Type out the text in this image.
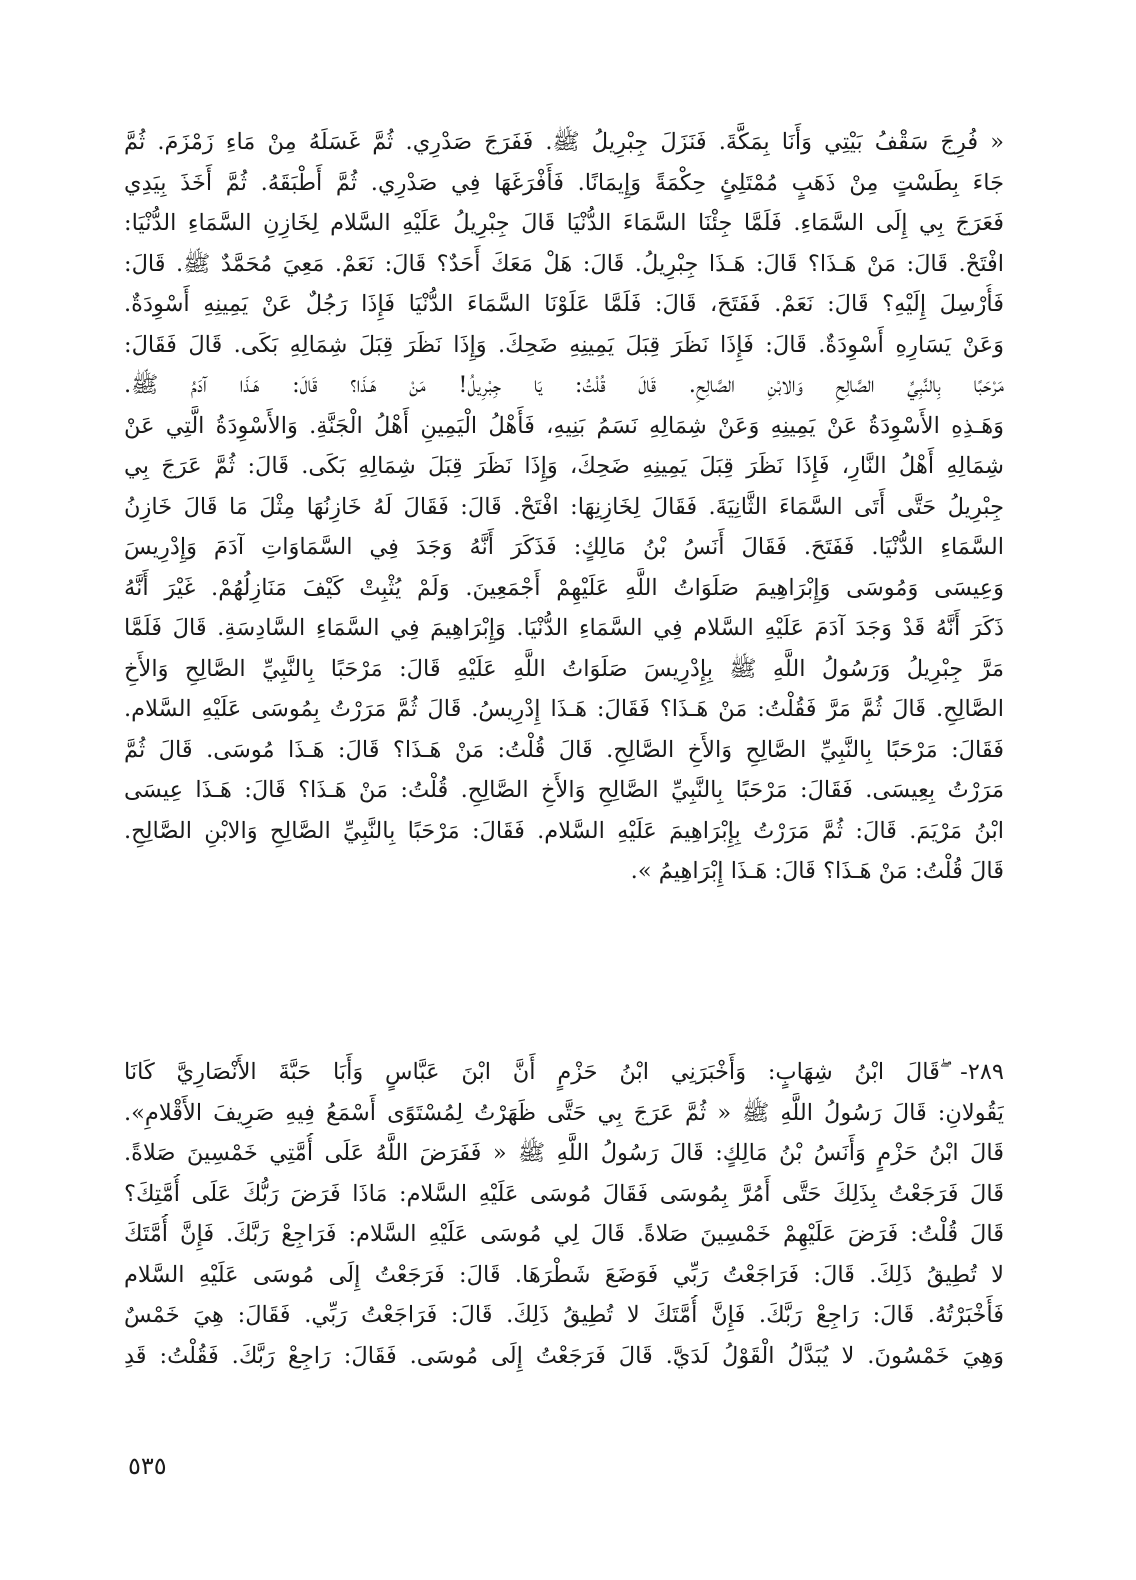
« فُرِجَ سَقْفُ بَيْتِي وَأَنَا بِمَكَّةَ. فَنَزَلَ جِبْرِيلُ ﷺ. فَفَرَجَ صَدْرِي. ثُمَّ غَسَلَهُ مِنْ مَاءِ زَمْزَمَ. ثُمَّ
جَاءَ بِطَسْتٍ مِنْ ذَهَبٍ مُمْتَلِئٍ حِكْمَةً وَإِيمَانًا. فَأَفْرَغَهَا فِي صَدْرِي. ثُمَّ أَطْبَقَهُ. ثُمَّ أَخَذَ بِيَدِي
فَعَرَجَ بِي إِلَى السَّمَاءِ. فَلَمَّا جِئْنَا السَّمَاءَ الدُّنْيَا قَالَ جِبْرِيلُ عَلَيْهِ السَّلام لِخَازِنِ السَّمَاءِ الدُّنْيَا:
افْتَحْ. قَالَ: مَنْ هَـذَا؟ قَالَ: هَـذَا جِبْرِيلُ. قَالَ: هَلْ مَعَكَ أَحَدٌ؟ قَالَ: نَعَمْ. مَعِيَ مُحَمَّدٌ ﷺ. قَالَ:
فَأُرْسِلَ إِلَيْهِ؟ قَالَ: نَعَمْ. فَفَتَحَ، قَالَ: فَلَمَّا عَلَوْنَا السَّمَاءَ الدُّنْيَا فَإِذَا رَجُلٌ عَنْ يَمِينِهِ أَسْوِدَةٌ.
وَعَنْ يَسَارِهِ أَسْوِدَةٌ. قَالَ: فَإِذَا نَظَرَ قِبَلَ يَمِينِهِ ضَحِكَ. وَإِذَا نَظَرَ قِبَلَ شِمَالِهِ بَكَى. قَالَ فَقَالَ:
مَرْحَبًا بِالنَّبِيِّ الصَّالِحِ وَالابْنِ الصَّالِحِ. قَالَ قُلْتُ: يَا جِبْرِيلُ! مَنْ هَـذَا؟ قَالَ: هَـذَا آدَمُ ﷺ.
وَهَـذِهِ الأَسْوِدَةُ عَنْ يَمِينِهِ وَعَنْ شِمَالِهِ نَسَمُ بَنِيهِ، فَأَهْلُ الْيَمِينِ أَهْلُ الْجَنَّةِ. وَالأَسْوِدَةُ الَّتِي عَنْ
شِمَالِهِ أَهْلُ النَّارِ، فَإِذَا نَظَرَ قِبَلَ يَمِينِهِ ضَحِكَ، وَإِذَا نَظَرَ قِبَلَ شِمَالِهِ بَكَى. قَالَ: ثُمَّ عَرَجَ بِي
جِبْرِيلُ حَتَّى أَتَى السَّمَاءَ الثَّانِيَةَ. فَقَالَ لِخَازِنِهَا: افْتَحْ. قَالَ: فَقَالَ لَهُ خَازِنُهَا مِثْلَ مَا قَالَ خَازِنُ
السَّمَاءِ الدُّنْيَا. فَفَتَحَ. فَقَالَ أَنَسُ بْنُ مَالِكٍ: فَذَكَرَ أَنَّهُ وَجَدَ فِي السَّمَاوَاتِ آدَمَ وَإِدْرِيسَ
وَعِيسَى وَمُوسَى وَإِبْرَاهِيمَ صَلَوَاتُ اللَّهِ عَلَيْهِمْ أَجْمَعِينَ. وَلَمْ يُثْبِتْ كَيْفَ مَنَازِلُهُمْ. غَيْرَ أَنَّهُ
ذَكَرَ أَنَّهُ قَدْ وَجَدَ آدَمَ عَلَيْهِ السَّلام فِي السَّمَاءِ الدُّنْيَا. وَإِبْرَاهِيمَ فِي السَّمَاءِ السَّادِسَةِ. قَالَ فَلَمَّا
مَرَّ جِبْرِيلُ وَرَسُولُ اللَّهِ ﷺ بِإِدْرِيسَ صَلَوَاتُ اللَّهِ عَلَيْهِ قَالَ: مَرْحَبًا بِالنَّبِيِّ الصَّالِحِ وَالأَخِ
الصَّالِحِ. قَالَ ثُمَّ مَرَّ فَقُلْتُ: مَنْ هَـذَا؟ فَقَالَ: هَـذَا إِدْرِيسُ. قَالَ ثُمَّ مَرَرْتُ بِمُوسَى عَلَيْهِ السَّلام.
فَقَالَ: مَرْحَبًا بِالنَّبِيِّ الصَّالِحِ وَالأَخِ الصَّالِحِ. قَالَ قُلْتُ: مَنْ هَـذَا؟ قَالَ: هَـذَا مُوسَى. قَالَ ثُمَّ
مَرَرْتُ بِعِيسَى. فَقَالَ: مَرْحَبًا بِالنَّبِيِّ الصَّالِحِ وَالأَخِ الصَّالِحِ. قُلْتُ: مَنْ هَـذَا؟ قَالَ: هَـذَا عِيسَى
ابْنُ مَرْيَمَ. قَالَ: ثُمَّ مَرَرْتُ بِإِبْرَاهِيمَ عَلَيْهِ السَّلام. فَقَالَ: مَرْحَبًا بِالنَّبِيِّ الصَّالِحِ وَالابْنِ الصَّالِحِ.
قَالَ قُلْتُ: مَنْ هَـذَا؟ قَالَ: هَـذَا إِبْرَاهِيمُ ».
٢٨٩- ۖۖۖقَالَ ابْنُ شِهَابٍ: وَأَخْبَرَنِي ابْنُ حَزْمٍ أَنَّ ابْنَ عَبَّاسٍ وَأَبَا حَبَّةَ الأَنْصَارِيَّ كَانَا
يَقُولانِ: قَالَ رَسُولُ اللَّهِ ﷺ « ثُمَّ عَرَجَ بِي حَتَّى ظَهَرْتُ لِمُسْتَوًى أَسْمَعُ فِيهِ صَرِيفَ الأَقْلامِ».
قَالَ ابْنُ حَزْمٍ وَأَنَسُ بْنُ مَالِكٍ: قَالَ رَسُولُ اللَّهِ ﷺ « فَفَرَضَ اللَّهُ عَلَى أُمَّتِي خَمْسِينَ صَلاةً.
قَالَ فَرَجَعْتُ بِذَلِكَ حَتَّى أَمُرَّ بِمُوسَى فَقَالَ مُوسَى عَلَيْهِ السَّلام: مَاذَا فَرَضَ رَبُّكَ عَلَى أُمَّتِكَ؟
قَالَ قُلْتُ: فَرَضَ عَلَيْهِمْ خَمْسِينَ صَلاةً. قَالَ لِي مُوسَى عَلَيْهِ السَّلام: فَرَاجِعْ رَبَّكَ. فَإِنَّ أُمَّتَكَ
لا تُطِيقُ ذَلِكَ. قَالَ: فَرَاجَعْتُ رَبِّي فَوَضَعَ شَطْرَهَا. قَالَ: فَرَجَعْتُ إِلَى مُوسَى عَلَيْهِ السَّلام
فَأَخْبَرْتُهُ. قَالَ: رَاجِعْ رَبَّكَ. فَإِنَّ أُمَّتَكَ لا تُطِيقُ ذَلِكَ. قَالَ: فَرَاجَعْتُ رَبِّي. فَقَالَ: هِيَ خَمْسٌ
وَهِيَ خَمْسُونَ. لا يُبَدَّلُ الْقَوْلُ لَدَيَّ. قَالَ فَرَجَعْتُ إِلَى مُوسَى. فَقَالَ: رَاجِعْ رَبَّكَ. فَقُلْتُ: قَدِ
٥٣٥
